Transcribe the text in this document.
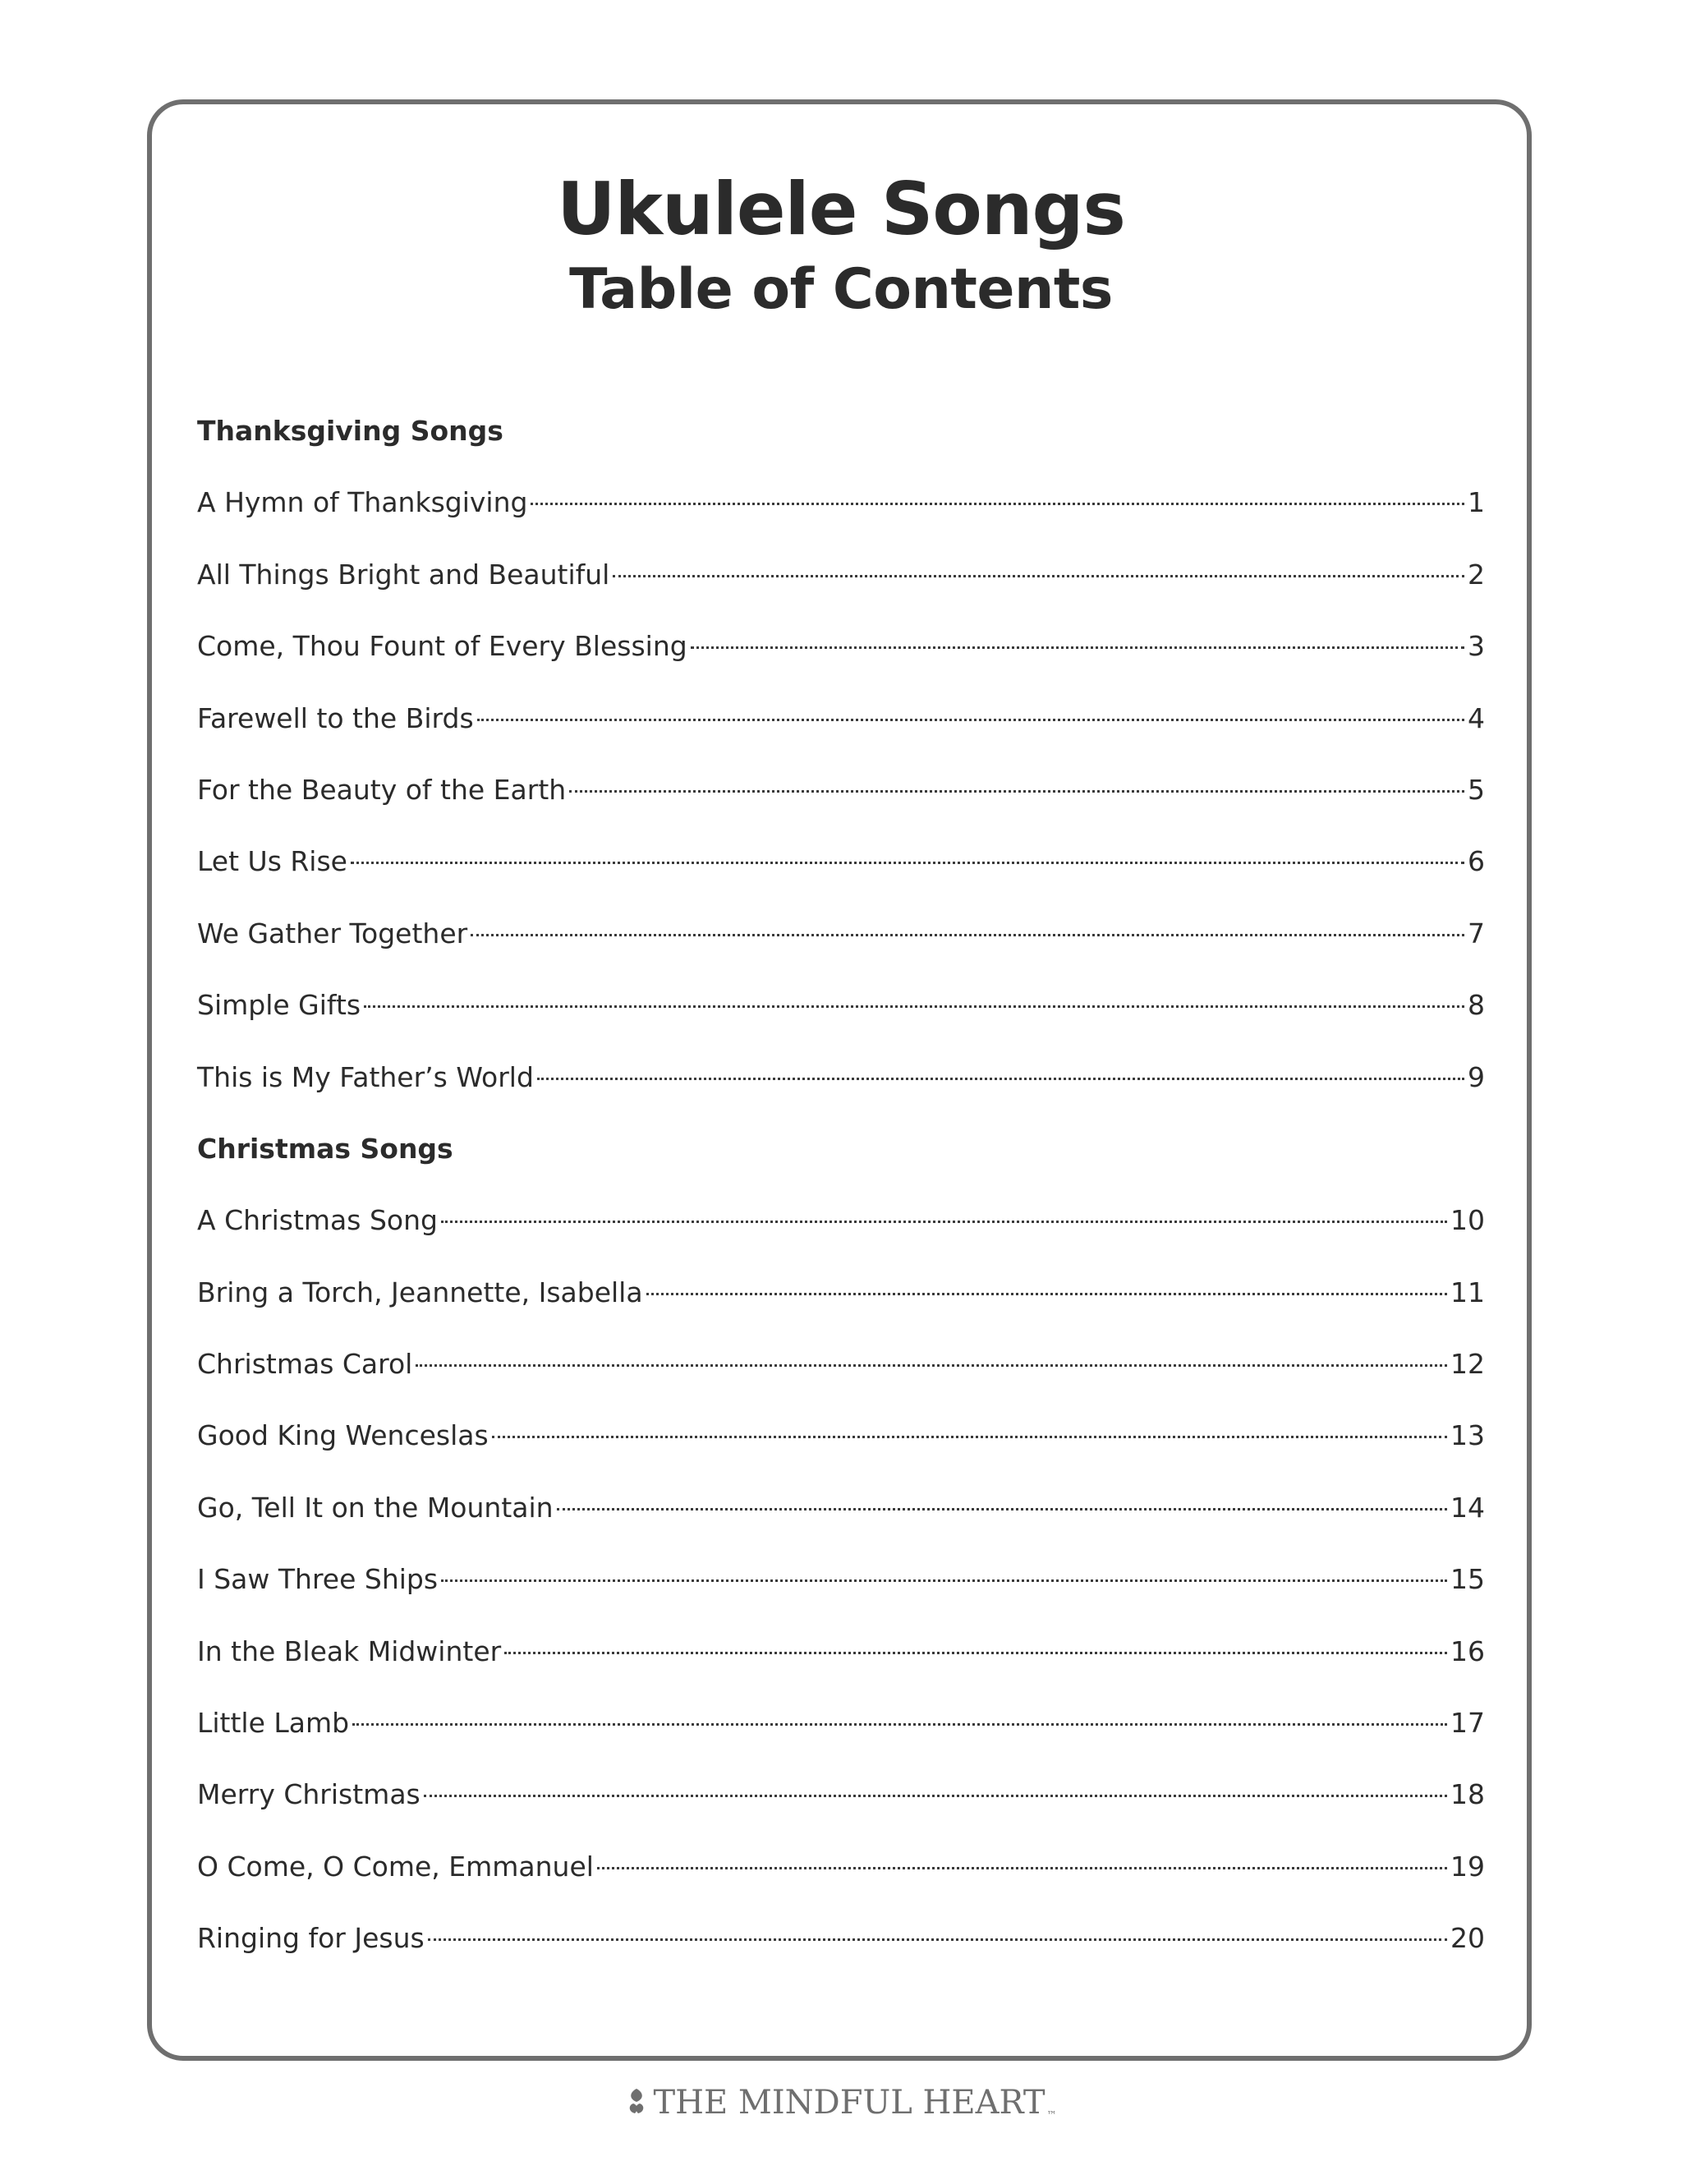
Ukulele Songs
Table of Contents
Thanksgiving Songs
A Hymn of Thanksgiving	1
All Things Bright and Beautiful	2
Come, Thou Fount of Every Blessing	3
Farewell to the Birds	4
For the Beauty of the Earth	5
Let Us Rise	6
We Gather Together	7
Simple Gifts	8
This is My Father’s World	9
Christmas Songs
A Christmas Song	10
Bring a Torch, Jeannette, Isabella	11
Christmas Carol	12
Good King Wenceslas	13
Go, Tell It on the Mountain	14
I Saw Three Ships	15
In the Bleak Midwinter	16
Little Lamb	17
Merry Christmas	18
O Come, O Come, Emmanuel	19
Ringing for Jesus	20
THE MINDFUL HEART ™
